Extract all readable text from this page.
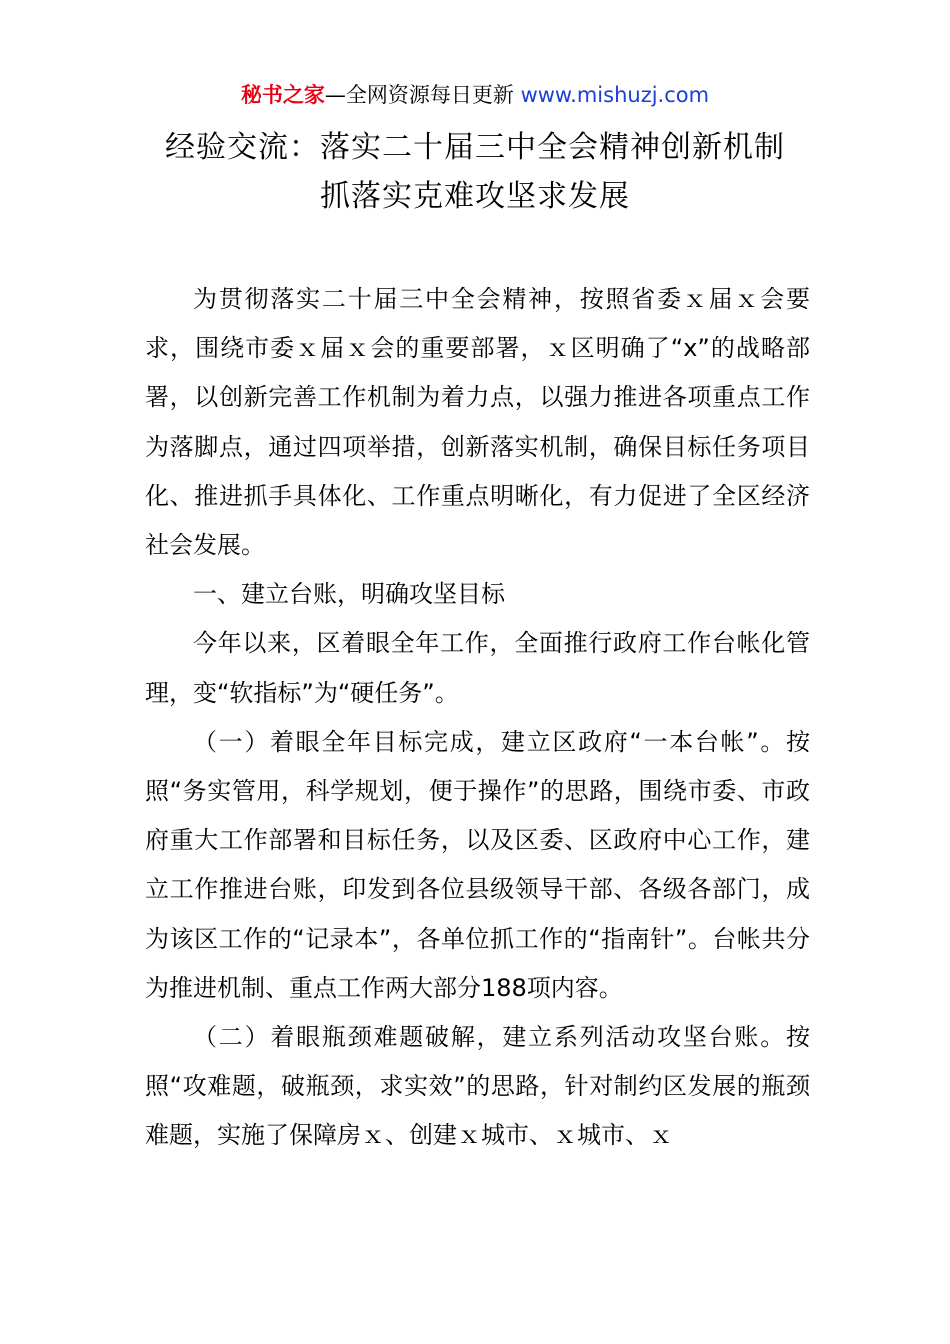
秘书之家—全网资源每日更新 www.mishuzj.com
经验交流：落实二十届三中全会精神创新机制
抓落实克难攻坚求发展

为贯彻落实二十届三中全会精神，按照省委ｘ届ｘ会要求，围绕市委ｘ届ｘ会的重要部署，ｘ区明确了“x”的战略部署，以创新完善工作机制为着力点，以强力推进各项重点工作为落脚点，通过四项举措，创新落实机制，确保目标任务项目化、推进抓手具体化、工作重点明晰化，有力促进了全区经济社会发展。

一、建立台账，明确攻坚目标

今年以来，区着眼全年工作，全面推行政府工作台帐化管理，变“软指标”为“硬任务”。

（一）着眼全年目标完成，建立区政府“一本台帐”。按照“务实管用，科学规划，便于操作”的思路，围绕市委、市政府重大工作部署和目标任务，以及区委、区政府中心工作，建立工作推进台账，印发到各位县级领导干部、各级各部门，成为该区工作的“记录本”，各单位抓工作的“指南针”。台帐共分为推进机制、重点工作两大部分188项内容。

（二）着眼瓶颈难题破解，建立系列活动攻坚台账。按照“攻难题，破瓶颈，求实效”的思路，针对制约区发展的瓶颈难题，实施了保障房ｘ、创建ｘ城市、ｘ城市、ｘ
